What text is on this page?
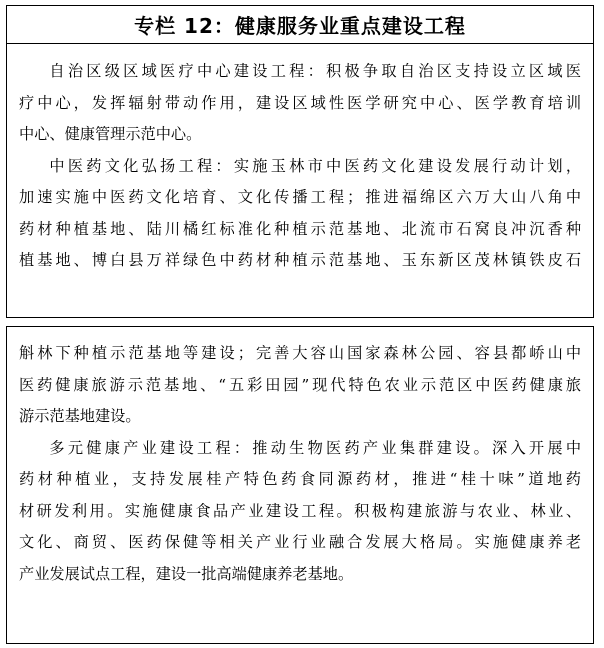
专栏 12：健康服务业重点建设工程
自治区级区域医疗中心建设工程：积极争取自治区支持设立区域医
疗中心，发挥辐射带动作用，建设区域性医学研究中心、医学教育培训
中心、健康管理示范中心。
中医药文化弘扬工程：实施玉林市中医药文化建设发展行动计划，
加速实施中医药文化培育、文化传播工程；推进福绵区六万大山八角中
药材种植基地、陆川橘红标准化种植示范基地、北流市石窝良冲沉香种
植基地、博白县万祥绿色中药材种植示范基地、玉东新区茂林镇铁皮石
斛林下种植示范基地等建设；完善大容山国家森林公园、容县都峤山中
医药健康旅游示范基地、“五彩田园”现代特色农业示范区中医药健康旅
游示范基地建设。
多元健康产业建设工程：推动生物医药产业集群建设。深入开展中
药材种植业，支持发展桂产特色药食同源药材，推进“桂十味”道地药
材研发利用。实施健康食品产业建设工程。积极构建旅游与农业、林业、
文化、商贸、医药保健等相关产业行业融合发展大格局。实施健康养老
产业发展试点工程，建设一批高端健康养老基地。
